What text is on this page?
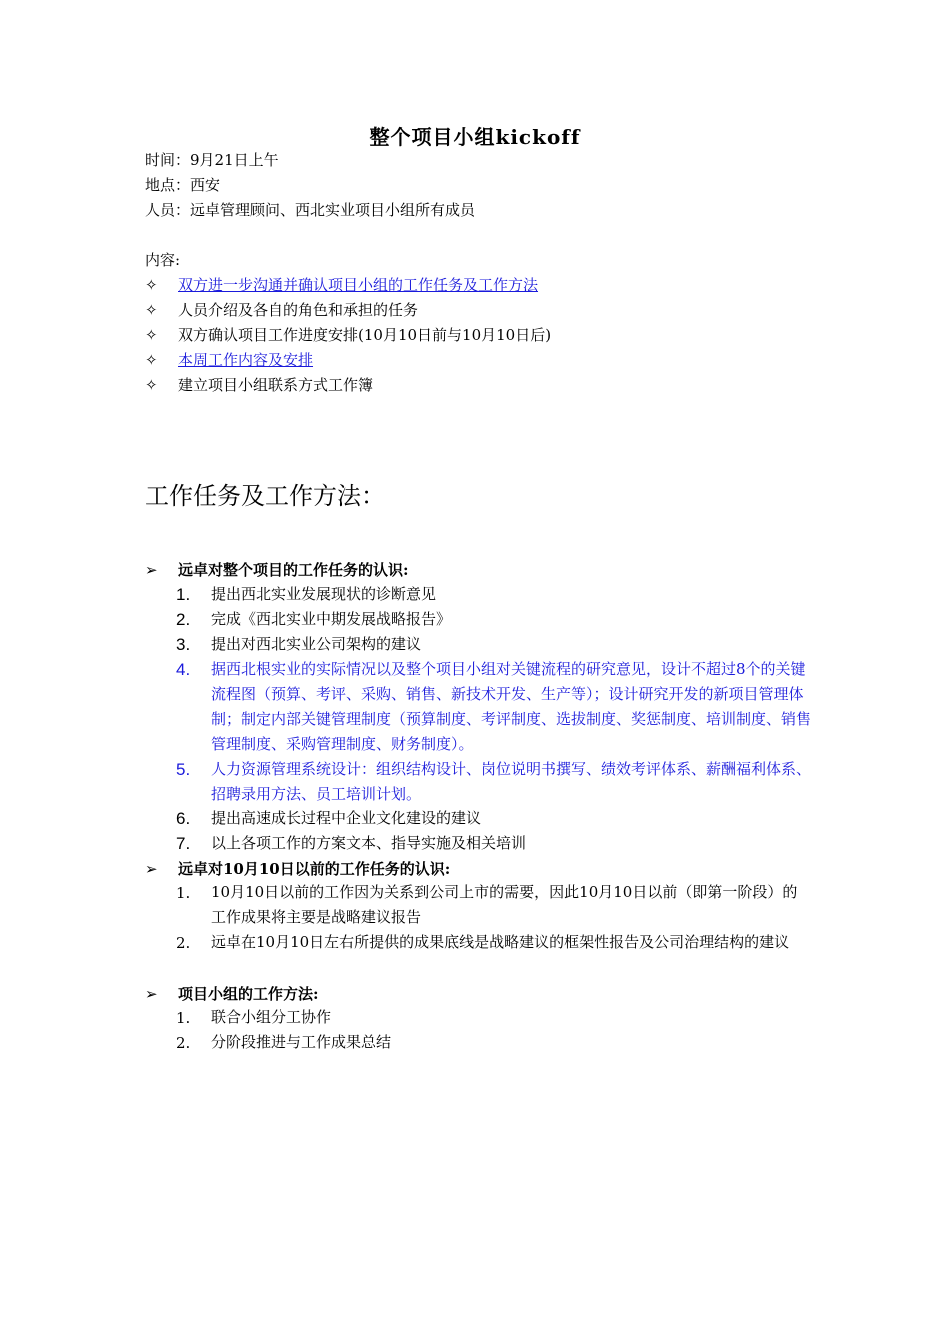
整个项目小组kickoff
时间：9月21日上午
地点：西安
人员：远卓管理顾问、西北实业项目小组所有成员
内容:
✧	双方进一步沟通并确认项目小组的工作任务及工作方法
✧	人员介绍及各自的角色和承担的任务
✧	双方确认项目工作进度安排(10月10日前与10月10日后)
✧	本周工作内容及安排
✧	建立项目小组联系方式工作簿
工作任务及工作方法：
➢ 远卓对整个项目的工作任务的认识:
1.	提出西北实业发展现状的诊断意见
2.	完成《西北实业中期发展战略报告》
3.	提出对西北实业公司架构的建议
4.	据西北根实业的实际情况以及整个项目小组对关键流程的研究意见，设计不超过8个的关键流程图（预算、考评、采购、销售、新技术开发、生产等）；设计研究开发的新项目管理体制；制定内部关键管理制度（预算制度、考评制度、选拔制度、奖惩制度、培训制度、销售管理制度、采购管理制度、财务制度）。
5.	人力资源管理系统设计：组织结构设计、岗位说明书撰写、绩效考评体系、薪酬福利体系、招聘录用方法、员工培训计划。
6.	提出高速成长过程中企业文化建设的建议
7.	以上各项工作的方案文本、指导实施及相关培训
➢ 远卓对10月10日以前的工作任务的认识:
1.	10月10日以前的工作因为关系到公司上市的需要，因此10月10日以前（即第一阶段）的工作成果将主要是战略建议报告
2.	远卓在10月10日左右所提供的成果底线是战略建议的框架性报告及公司治理结构的建议
➢ 项目小组的工作方法:
1.	联合小组分工协作
2.	分阶段推进与工作成果总结
